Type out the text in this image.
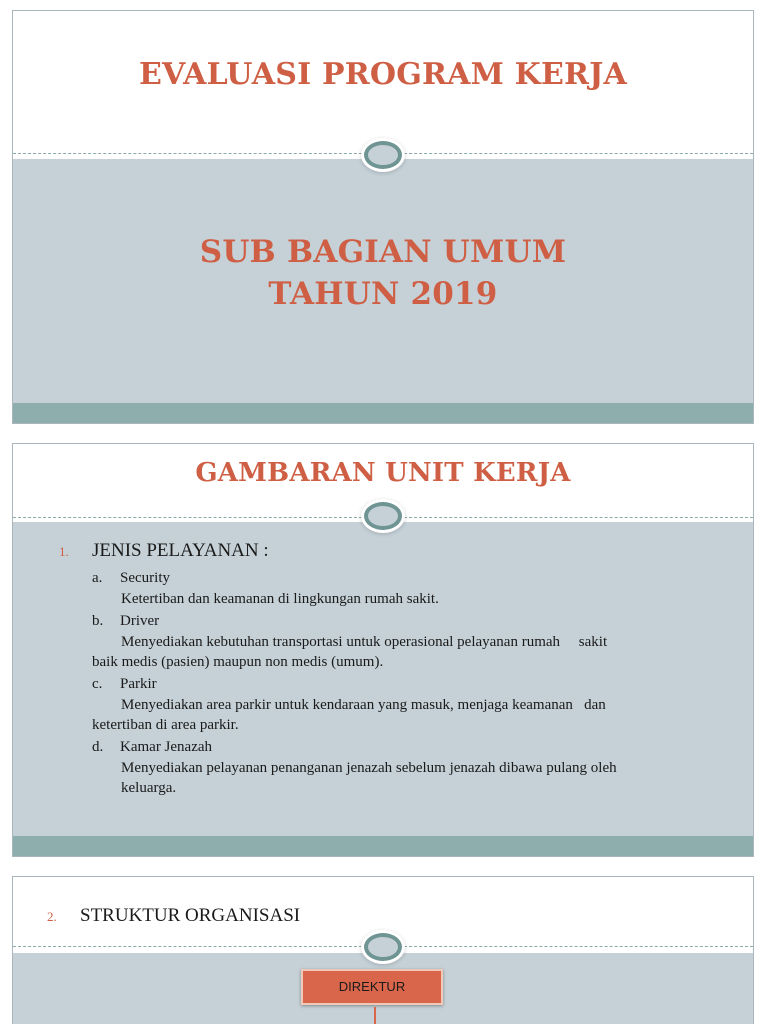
EVALUASI PROGRAM KERJA
SUB BAGIAN UMUM
TAHUN 2019
GAMBARAN UNIT KERJA
1. JENIS PELAYANAN :
a. Security
Ketertiban dan keamanan di lingkungan rumah sakit.
b. Driver
Menyediakan kebutuhan transportasi untuk operasional pelayanan rumah     sakit
baik medis (pasien) maupun non medis (umum).
c. Parkir
Menyediakan area parkir untuk kendaraan yang masuk, menjaga keamanan   dan
ketertiban di area parkir.
d. Kamar Jenazah
Menyediakan pelayanan penanganan jenazah sebelum jenazah dibawa pulang oleh
keluarga.
2. STRUKTUR ORGANISASI
DIREKTUR
